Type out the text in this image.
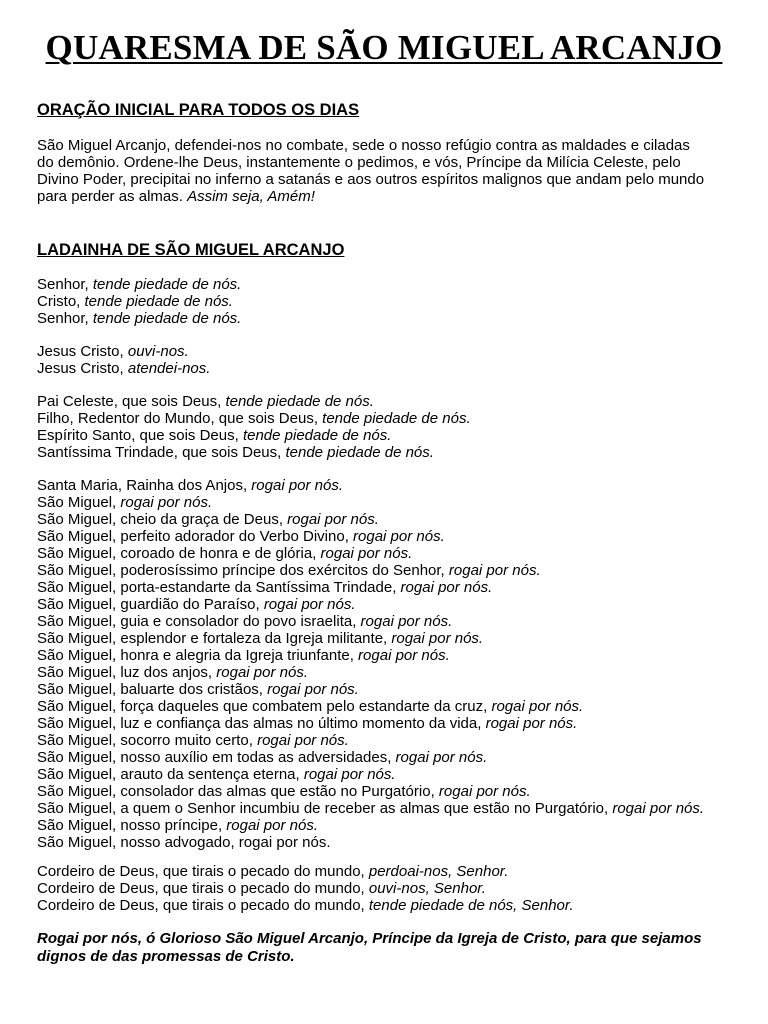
QUARESMA DE SÃO MIGUEL ARCANJO
ORAÇÃO INICIAL PARA TODOS OS DIAS
São Miguel Arcanjo, defendei-nos no combate, sede o nosso refúgio contra as maldades e ciladas
do demônio. Ordene-lhe Deus, instantemente o pedimos, e vós, Príncipe da Milícia Celeste, pelo
Divino Poder, precipitai no inferno a satanás e aos outros espíritos malignos que andam pelo mundo
para perder as almas. Assim seja, Amém!
LADAINHA DE SÃO MIGUEL ARCANJO
Senhor, tende piedade de nós.
Cristo, tende piedade de nós.
Senhor, tende piedade de nós.
Jesus Cristo, ouvi-nos.
Jesus Cristo, atendei-nos.
Pai Celeste, que sois Deus, tende piedade de nós.
Filho, Redentor do Mundo, que sois Deus, tende piedade de nós.
Espírito Santo, que sois Deus, tende piedade de nós.
Santíssima Trindade, que sois Deus, tende piedade de nós.
Santa Maria, Rainha dos Anjos, rogai por nós.
São Miguel, rogai por nós.
São Miguel, cheio da graça de Deus, rogai por nós.
São Miguel, perfeito adorador do Verbo Divino, rogai por nós.
São Miguel, coroado de honra e de glória, rogai por nós.
São Miguel, poderosíssimo príncipe dos exércitos do Senhor, rogai por nós.
São Miguel, porta-estandarte da Santíssima Trindade, rogai por nós.
São Miguel, guardião do Paraíso, rogai por nós.
São Miguel, guia e consolador do povo israelita, rogai por nós.
São Miguel, esplendor e fortaleza da Igreja militante, rogai por nós.
São Miguel, honra e alegria da Igreja triunfante, rogai por nós.
São Miguel, luz dos anjos, rogai por nós.
São Miguel, baluarte dos cristãos, rogai por nós.
São Miguel, força daqueles que combatem pelo estandarte da cruz, rogai por nós.
São Miguel, luz e confiança das almas no último momento da vida, rogai por nós.
São Miguel, socorro muito certo, rogai por nós.
São Miguel, nosso auxílio em todas as adversidades, rogai por nós.
São Miguel, arauto da sentença eterna, rogai por nós.
São Miguel, consolador das almas que estão no Purgatório, rogai por nós.
São Miguel, a quem o Senhor incumbiu de receber as almas que estão no Purgatório, rogai por nós.
São Miguel, nosso príncipe, rogai por nós.
São Miguel, nosso advogado, rogai por nós.
Cordeiro de Deus, que tirais o pecado do mundo, perdoai-nos, Senhor.
Cordeiro de Deus, que tirais o pecado do mundo, ouvi-nos, Senhor.
Cordeiro de Deus, que tirais o pecado do mundo, tende piedade de nós, Senhor.
Rogai por nós, ó Glorioso São Miguel Arcanjo, Príncipe da Igreja de Cristo, para que sejamos dignos de das promessas de Cristo.
